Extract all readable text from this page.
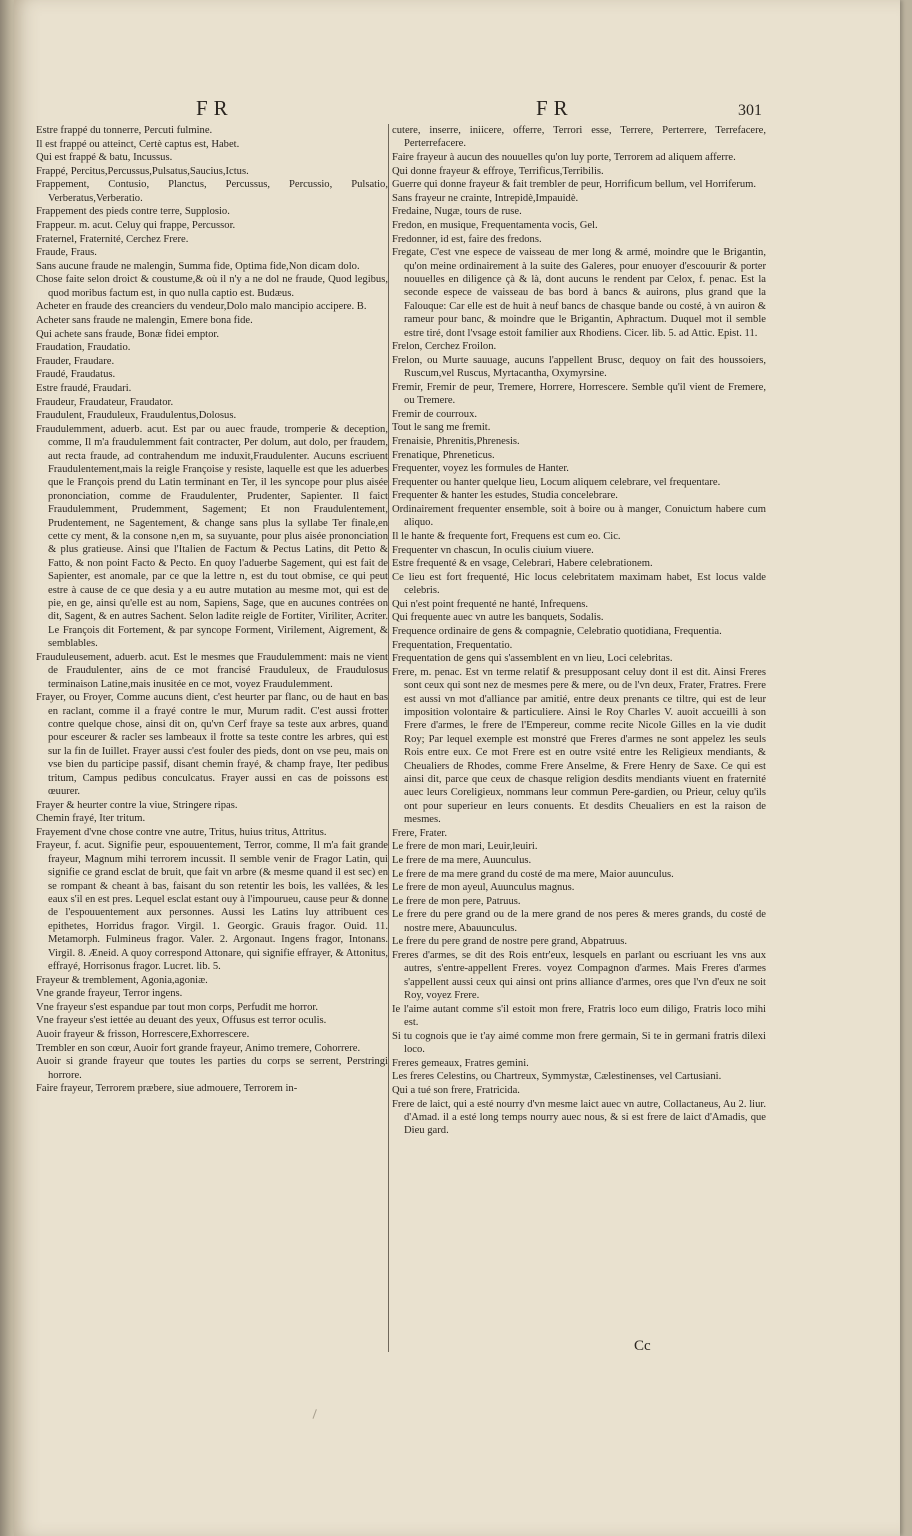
FR	FR	301
Estre frappé du tonnerre, Percuti fulmine.
Il est frappé ou atteinct, Certè captus est, Habet.
Qui est frappé & batu, Incussus.
Frappé, Percitus,Percussus,Pulsatus,Saucius,Ictus.
Frappement, Contusio, Planctus, Percussus, Percussio, Pulsatio, Verberatus,Verberatio.
Frappement des pieds contre terre, Supplosio.
Frappeur. m. acut. Celuy qui frappe, Percussor.
Fraternel, Fraternité, Cerchez Frere.
Fraude, Fraus.
Sans aucune fraude ne malengin, Summa fide, Optima fide,Non dicam dolo.
Chose faite selon droict & coustume,& où il n'y a ne dol ne fraude, Quod legibus, quod moribus factum est, in quo nulla captio est. Budæus.
Acheter en fraude des creanciers du vendeur,Dolo malo mancipio accipere. B.
Acheter sans fraude ne malengin, Emere bona fide.
Qui achete sans fraude, Bonæ fidei emptor.
Fraudation, Fraudatio.
Frauder, Fraudare.
Fraudé, Fraudatus.
Estre fraudé, Fraudari.
Fraudeur, Fraudateur, Fraudator.
Fraudulent, Frauduleux, Fraudulentus,Dolosus.
Fraudulemment, aduerb. acut. Est par ou auec fraude, tromperie & deception, comme, Il m'a fraudulemment fait contracter, Per dolum, aut dolo, per fraudem, aut recta fraude, ad contrahendum me induxit,Fraudulenter. Aucuns escriuent Fraudulentement,mais la reigle Françoise y resiste, laquelle est que les aduerbes que le François prend du Latin terminant en Ter, il les syncope pour plus aisée prononciation, comme de Fraudulenter, Prudenter, Sapienter. Il faict Fraudulemment, Prudemment, Sagement; Et non Fraudulentement, Prudentement, ne Sagentement, & change sans plus la syllabe Ter finale,en cette cy ment, & la consone n,en m, sa suyuante, pour plus aisée prononciation & plus gratieuse. Ainsi que l'Italien de Factum & Pectus Latins, dit Petto & Fatto, & non point Facto & Pecto. En quoy l'aduerbe Sagement, qui est fait de Sapienter, est anomale, par ce que la lettre n, est du tout obmise, ce qui peut estre à cause de ce que desia y a eu autre mutation au mesme mot, qui est de pie, en ge, ainsi qu'elle est au nom, Sapiens, Sage, que en aucunes contrées on dit, Sagent, & en autres Sachent. Selon ladite reigle de Fortiter, Viriliter, Acriter. Le François dit Fortement, & par syncope Forment, Virilement, Aigrement, & semblables.
Frauduleusement, aduerb. acut. Est le mesmes que Fraudulemment: mais ne vient de Fraudulenter, ains de ce mot francisé Frauduleux, de Fraudulosus terminaison Latine,mais inusitée en ce mot, voyez Fraudulemment.
Frayer, ou Froyer, Comme aucuns dient, c'est heurter par flanc, ou de haut en bas en raclant, comme il a frayé contre le mur, Murum radit. C'est aussi frotter contre quelque chose, ainsi dit on, qu'vn Cerf fraye sa teste aux arbres, quand pour esceurer & racler ses lambeaux il frotte sa teste contre les arbres, qui est sur la fin de Iuillet. Frayer aussi c'est fouler des pieds, dont on vse peu, mais on vse bien du participe passif, disant chemin frayé, & champ fraye, Iter pedibus tritum, Campus pedibus conculcatus. Frayer aussi en cas de poissons est œuurer.
Frayer & heurter contre la viue, Stringere ripas.
Chemin frayé, Iter tritum.
Frayement d'vne chose contre vne autre, Tritus, huius tritus, Attritus.
Frayeur, f. acut. Signifie peur, espouuentement, Terror, comme, Il m'a fait grande frayeur, Magnum mihi terrorem incussit. Il semble venir de Fragor Latin, qui signifie ce grand esclat de bruit, que fait vn arbre (& mesme quand il est sec) en se rompant & cheant à bas, faisant du son retentir les bois, les vallées, & les eaux s'il en est pres. Lequel esclat estant ouy à l'impourueu, cause peur & donne de l'espouuentement aux personnes. Aussi les Latins luy attribuent ces epithetes, Horridus fragor. Virgil. 1. Georgic. Grauis fragor. Ouid. 11. Metamorph. Fulmineus fragor. Valer. 2. Argonaut. Ingens fragor, Intonans. Virgil. 8. Æneid. A quoy correspond Attonare, qui signifie effrayer, & Attonitus, effrayé, Horrisonus fragor. Lucret. lib. 5.
Frayeur & tremblement, Agonia,agoniæ.
Vne grande frayeur, Terror ingens.
Vne frayeur s'est espandue par tout mon corps, Perfudit me horror.
Vne frayeur s'est iettée au deuant des yeux, Offusus est terror oculis.
Auoir frayeur & frisson, Horrescere,Exhorrescere.
Trembler en son cœur, Auoir fort grande frayeur, Animo tremere, Cohorrere.
Auoir si grande frayeur que toutes les parties du corps se serrent, Perstringi horrore.
Faire frayeur, Terrorem præbere, siue admouere, Terrorem in-
cutere, inserre, iniicere, offerre, Terrori esse, Terrere, Perterrere, Terrefacere, Perterrefacere.
Faire frayeur à aucun des nouuelles qu'on luy porte, Terrorem ad aliquem afferre.
Qui donne frayeur & effroye, Terrificus,Terribilis.
Guerre qui donne frayeur & fait trembler de peur, Horrificum bellum, vel Horriferum.
Sans frayeur ne crainte, Intrepidè,Impauidè.
Fredaine, Nugæ, tours de ruse.
Fredon, en musique, Frequentamenta vocis, Gel.
Fredonner, id est, faire des fredons.
Fregate, C'est vne espece de vaisseau de mer long & armé, moindre que le Brigantin, qu'on meine ordinairement à la suite des Galeres, pour enuoyer d'escouurir & porter nouuelles en diligence çà & là, dont aucuns le rendent par Celox, f. penac. Est la seconde espece de vaisseau de bas bord à bancs & auirons, plus grand que la Falouque: Car elle est de huit à neuf bancs de chasque bande ou costé, à vn auiron & rameur pour banc, & moindre que le Brigantin, Aphractum. Duquel mot il semble estre tiré, dont l'vsage estoit familier aux Rhodiens. Cicer. lib. 5. ad Attic. Epist. 11.
Frelon, Cerchez Froilon.
Frelon, ou Murte sauuage, aucuns l'appellent Brusc, dequoy on fait des houssoiers, Ruscum,vel Ruscus, Myrtacantha, Oxymyrsine.
Fremir, Fremir de peur, Tremere, Horrere, Horrescere. Semble qu'il vient de Fremere, ou Tremere.
Fremir de courroux.
Tout le sang me fremit.
Frenaisie, Phrenitis,Phrenesis.
Frenatique, Phreneticus.
Frequenter, voyez les formules de Hanter.
Frequenter ou hanter quelque lieu, Locum aliquem celebrare, vel frequentare.
Frequenter & hanter les estudes, Studia concelebrare.
Ordinairement frequenter ensemble, soit à boire ou à manger, Conuictum habere cum aliquo.
Il le hante & frequente fort, Frequens est cum eo. Cic.
Frequenter vn chascun, In oculis ciuium viuere.
Estre frequenté & en vsage, Celebrari, Habere celebrationem.
Ce lieu est fort frequenté, Hic locus celebritatem maximam habet, Est locus valde celebris.
Qui n'est point frequenté ne hanté, Infrequens.
Qui frequente auec vn autre les banquets, Sodalis.
Frequence ordinaire de gens & compagnie, Celebratio quotidiana, Frequentia.
Frequentation, Frequentatio.
Frequentation de gens qui s'assemblent en vn lieu, Loci celebritas.
Frere, m. penac. Est vn terme relatif & presupposant celuy dont il est dit. Ainsi Freres sont ceux qui sont nez de mesmes pere & mere, ou de l'vn deux, Frater, Fratres. Frere est aussi vn mot d'alliance par amitié, entre deux prenants ce tiltre, qui est de leur imposition volontaire & particuliere. Ainsi le Roy Charles V. auoit accueilli à son Frere d'armes, le frere de l'Empereur, comme recite Nicole Gilles en la vie dudit Roy; Par lequel exemple est monstré que Freres d'armes ne sont appelez les seuls Rois entre eux. Ce mot Frere est en outre vsité entre les Religieux mendiants, & Cheualiers de Rhodes, comme Frere Anselme, & Frere Henry de Saxe. Ce qui est ainsi dit, parce que ceux de chasque religion desdits mendiants viuent en fraternité auec leurs Coreligieux, nommans leur commun Pere-gardien, ou Prieur, celuy qu'ils ont pour superieur en leurs conuents. Et desdits Cheualiers en est la raison de mesmes.
Frere, Frater.
Le frere de mon mari, Leuir,leuiri.
Le frere de ma mere, Auunculus.
Le frere de ma mere grand du costé de ma mere, Maior auunculus.
Le frere de mon ayeul, Auunculus magnus.
Le frere de mon pere, Patruus.
Le frere du pere grand ou de la mere grand de nos peres & meres grands, du costé de nostre mere, Abauunculus.
Le frere du pere grand de nostre pere grand, Abpatruus.
Freres d'armes, se dit des Rois entr'eux, lesquels en parlant ou escriuant les vns aux autres, s'entre-appellent Freres. voyez Compagnon d'armes. Mais Freres d'armes s'appellent aussi ceux qui ainsi ont prins alliance d'armes, ores que l'vn d'eux ne soit Roy, voyez Frere.
Ie l'aime autant comme s'il estoit mon frere, Fratris loco eum diligo, Fratris loco mihi est.
Si tu cognois que ie t'ay aimé comme mon frere germain, Si te in germani fratris dilexi loco.
Freres gemeaux, Fratres gemini.
Les freres Celestins, ou Chartreux, Symmystæ, Cælestinenses, vel Cartusiani.
Qui a tué son frere, Fratricida.
Frere de laict, qui a esté nourry d'vn mesme laict auec vn autre, Collactaneus, Au 2. liur. d'Amad. il a esté long temps nourry auec nous, & si est frere de laict d'Amadis, que Dieu gard.
Cc
